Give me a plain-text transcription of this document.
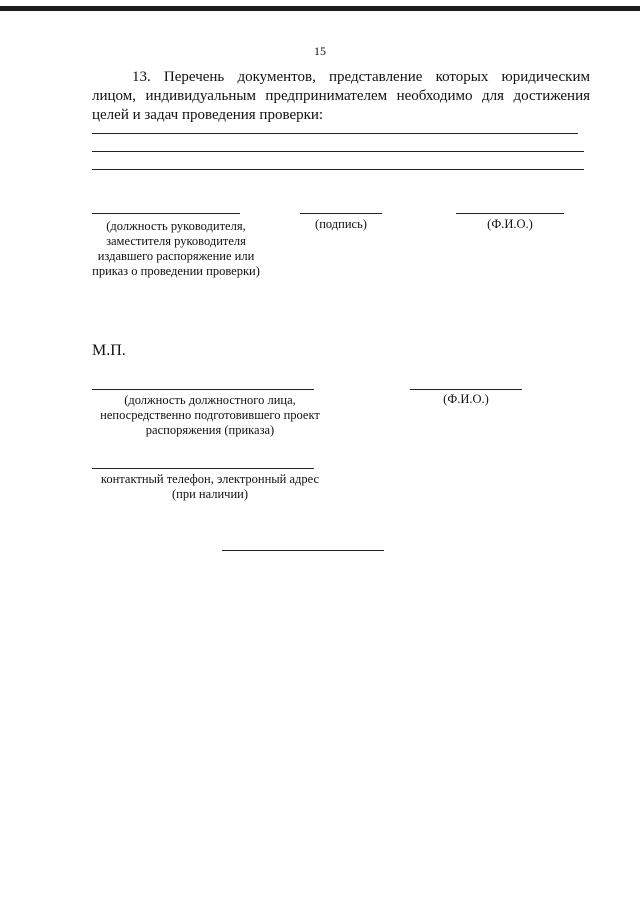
15

13. Перечень документов, представление которых юридическим лицом, индивидуальным предпринимателем необходимо для достижения целей и задач проведения проверки:

(должность руководителя, заместителя руководителя издавшего распоряжение или приказ о проведении проверки)

(подпись)	(Ф.И.О.)

М.П.

(должность должностного лица, непосредственно подготовившего проект распоряжения (приказа)

(Ф.И.О.)

контактный телефон, электронный адрес (при наличии)
